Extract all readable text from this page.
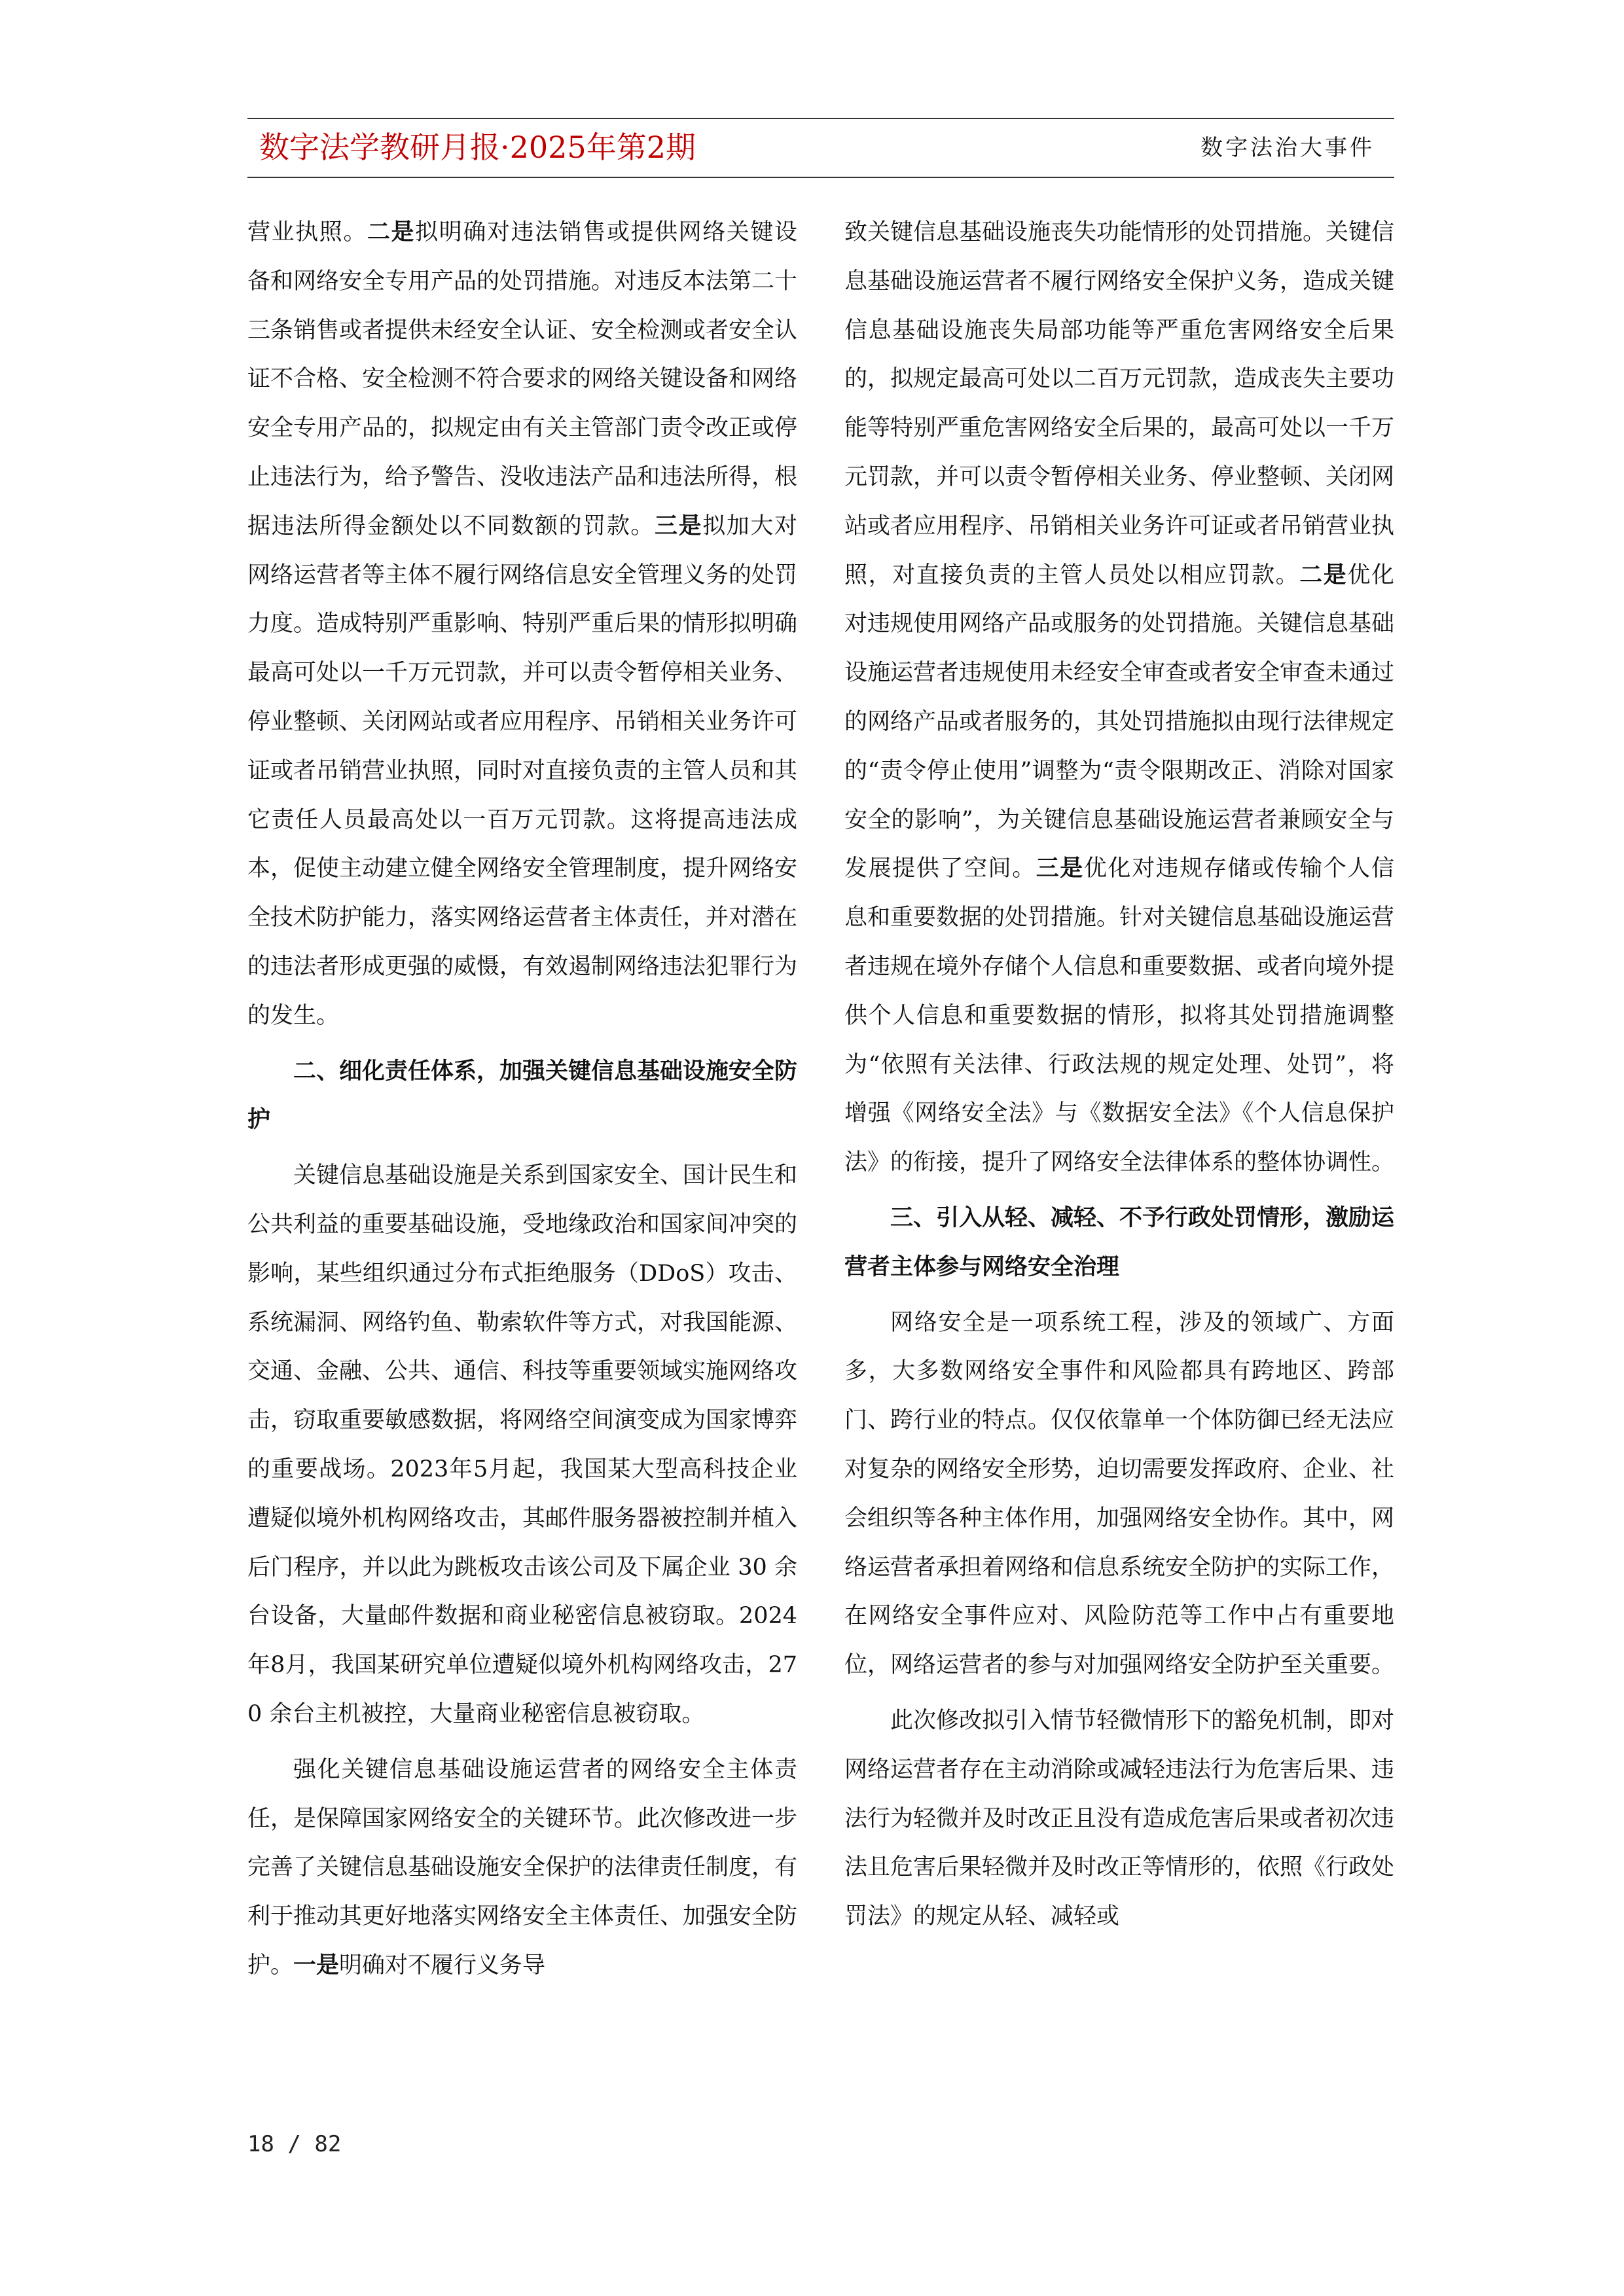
数字法学教研月报·2025年第2期	数字法治大事件

营业执照。二是拟明确对违法销售或提供网络关键设备和网络安全专用产品的处罚措施。对违反本法第二十三条销售或者提供未经安全认证、安全检测或者安全认证不合格、安全检测不符合要求的网络关键设备和网络安全专用产品的，拟规定由有关主管部门责令改正或停止违法行为，给予警告、没收违法产品和违法所得，根据违法所得金额处以不同数额的罚款。三是拟加大对网络运营者等主体不履行网络信息安全管理义务的处罚力度。造成特别严重影响、特别严重后果的情形拟明确最高可处以一千万元罚款，并可以责令暂停相关业务、停业整顿、关闭网站或者应用程序、吊销相关业务许可证或者吊销营业执照，同时对直接负责的主管人员和其它责任人员最高处以一百万元罚款。这将提高违法成本，促使主动建立健全网络安全管理制度，提升网络安全技术防护能力，落实网络运营者主体责任，并对潜在的违法者形成更强的威慑，有效遏制网络违法犯罪行为的发生。

二、细化责任体系，加强关键信息基础设施安全防护

关键信息基础设施是关系到国家安全、国计民生和公共利益的重要基础设施，受地缘政治和国家间冲突的影响，某些组织通过分布式拒绝服务（DDoS）攻击、系统漏洞、网络钓鱼、勒索软件等方式，对我国能源、交通、金融、公共、通信、科技等重要领域实施网络攻击，窃取重要敏感数据，将网络空间演变成为国家博弈的重要战场。2023年5月起，我国某大型高科技企业遭疑似境外机构网络攻击，其邮件服务器被控制并植入后门程序，并以此为跳板攻击该公司及下属企业 30 余台设备，大量邮件数据和商业秘密信息被窃取。2024年8月，我国某研究单位遭疑似境外机构网络攻击，270 余台主机被控，大量商业秘密信息被窃取。

强化关键信息基础设施运营者的网络安全主体责任，是保障国家网络安全的关键环节。此次修改进一步完善了关键信息基础设施安全保护的法律责任制度，有利于推动其更好地落实网络安全主体责任、加强安全防护。一是明确对不履行义务导

致关键信息基础设施丧失功能情形的处罚措施。关键信息基础设施运营者不履行网络安全保护义务，造成关键信息基础设施丧失局部功能等严重危害网络安全后果的，拟规定最高可处以二百万元罚款，造成丧失主要功能等特别严重危害网络安全后果的，最高可处以一千万元罚款，并可以责令暂停相关业务、停业整顿、关闭网站或者应用程序、吊销相关业务许可证或者吊销营业执照，对直接负责的主管人员处以相应罚款。二是优化对违规使用网络产品或服务的处罚措施。关键信息基础设施运营者违规使用未经安全审查或者安全审查未通过的网络产品或者服务的，其处罚措施拟由现行法律规定的“责令停止使用”调整为“责令限期改正、消除对国家安全的影响”，为关键信息基础设施运营者兼顾安全与发展提供了空间。三是优化对违规存储或传输个人信息和重要数据的处罚措施。针对关键信息基础设施运营者违规在境外存储个人信息和重要数据、或者向境外提供个人信息和重要数据的情形，拟将其处罚措施调整为“依照有关法律、行政法规的规定处理、处罚”，将增强《网络安全法》与《数据安全法》《个人信息保护法》的衔接，提升了网络安全法律体系的整体协调性。

三、引入从轻、减轻、不予行政处罚情形，激励运营者主体参与网络安全治理

网络安全是一项系统工程，涉及的领域广、方面多，大多数网络安全事件和风险都具有跨地区、跨部门、跨行业的特点。仅仅依靠单一个体防御已经无法应对复杂的网络安全形势，迫切需要发挥政府、企业、社会组织等各种主体作用，加强网络安全协作。其中，网络运营者承担着网络和信息系统安全防护的实际工作，在网络安全事件应对、风险防范等工作中占有重要地位，网络运营者的参与对加强网络安全防护至关重要。

此次修改拟引入情节轻微情形下的豁免机制，即对网络运营者存在主动消除或减轻违法行为危害后果、违法行为轻微并及时改正且没有造成危害后果或者初次违法且危害后果轻微并及时改正等情形的，依照《行政处罚法》的规定从轻、减轻或

18 / 82
